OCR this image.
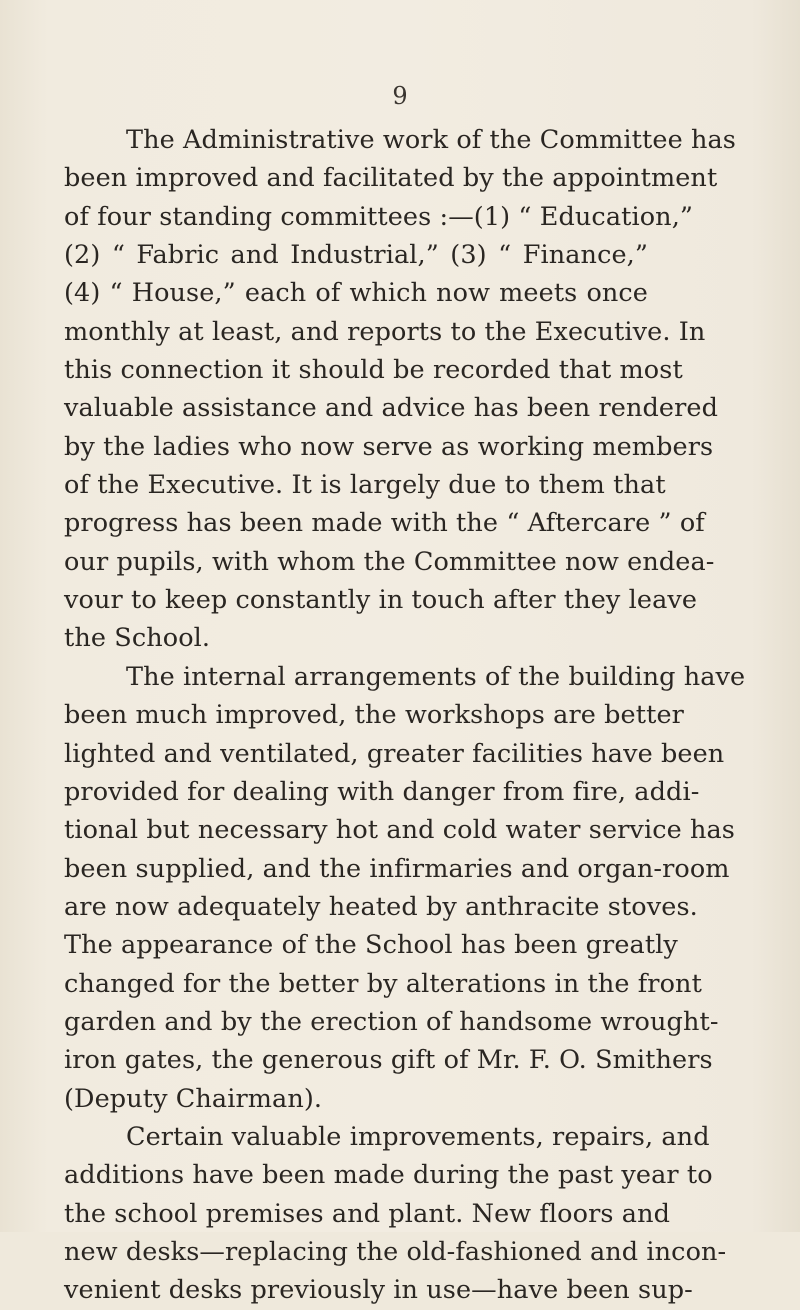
9
The Administrative work of the Committee has
been improved and facilitated by the appointment
of four standing committees :—(1) “ Education,”
(2) “ Fabric and Industrial,” (3) “ Finance,”
(4) “ House,” each of which now meets once
monthly at least, and reports to the Executive. In
this connection it should be recorded that most
valuable assistance and advice has been rendered
by the ladies who now serve as working members
of the Executive. It is largely due to them that
progress has been made with the “ Aftercare ” of
our pupils, with whom the Committee now endea-
vour to keep constantly in touch after they leave
the School.
The internal arrangements of the building have
been much improved, the workshops are better
lighted and ventilated, greater facilities have been
provided for dealing with danger from fire, addi-
tional but necessary hot and cold water service has
been supplied, and the infirmaries and organ-room
are now adequately heated by anthracite stoves.
The appearance of the School has been greatly
changed for the better by alterations in the front
garden and by the erection of handsome wrought-
iron gates, the generous gift of Mr. F. O. Smithers
(Deputy Chairman).
Certain valuable improvements, repairs, and
additions have been made during the past year to
the school premises and plant. New floors and
new desks—replacing the old-fashioned and incon-
venient desks previously in use—have been sup-
